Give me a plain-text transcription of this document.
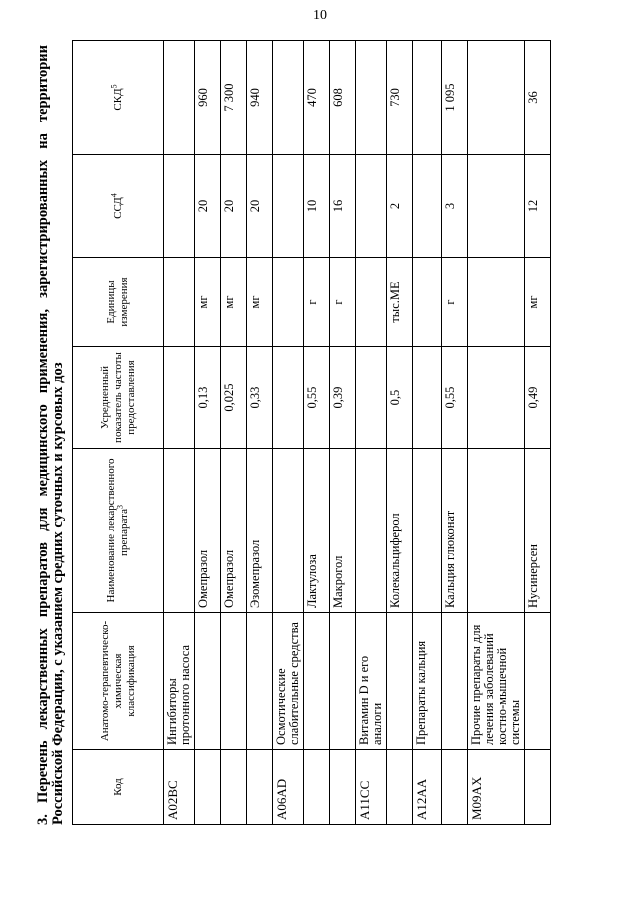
10
3. Перечень лекарственных препаратов для медицинского применения, зарегистрированных на территории Российской Федерации, с указанием средних суточных и курсовых доз	Код	Анатомо-терапевтическо-химическая классификация	Наименование лекарственного препарата$^3$	Усредненный показатель частоты предоставления	Единицы измерения	ССД$^4$	СКД$^5$
A02BC	Ингибиторы протонного насоса					
		Омепразол	0,13	мг	20	960
		Омепразол	0,025	мг	20	7 300
		Эзомепразол	0,33	мг	20	940
A06AD	Осмотические слабительные средства					
		Лактулоза	0,55	г	10	470
		Макрогол	0,39	г	16	608
A11CC	Витамин D и его аналоги					
		Колекальциферол	0,5	тыс.МЕ	2	730
A12AA	Препараты кальция					
		Кальция глюконат	0,55	г	3	1 095
M09AX	Прочие препараты для лечения заболеваний костно-мышечной системы					
		Нусинерсен	0,49	мг	12	36
